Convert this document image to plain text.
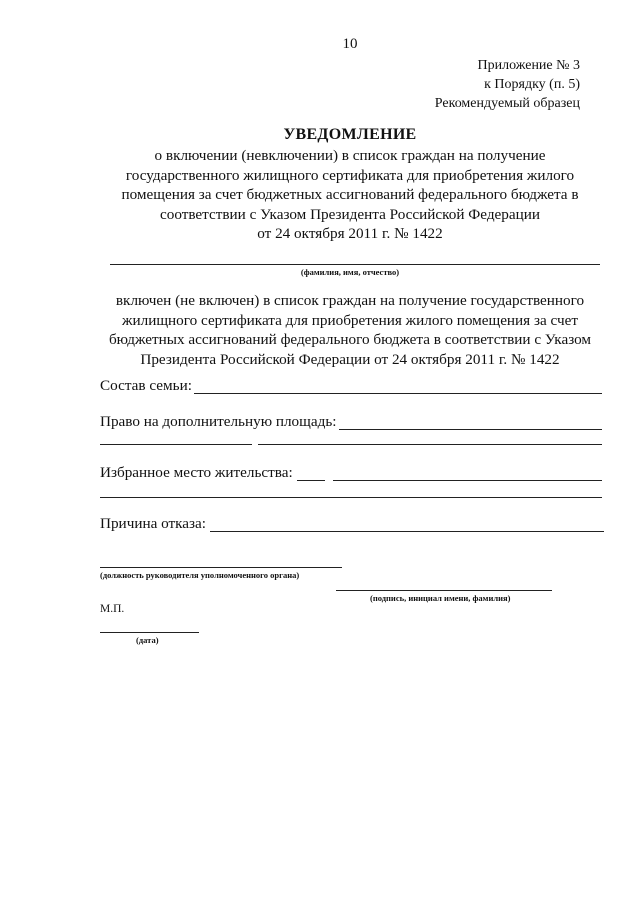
10
Приложение № 3
к Порядку (п. 5)
Рекомендуемый образец
УВЕДОМЛЕНИЕ
о включении (невключении) в список граждан на получение
государственного жилищного сертификата для приобретения жилого
помещения за счет бюджетных ассигнований федерального бюджета в
соответствии с Указом Президента Российской Федерации
от 24 октября 2011 г. № 1422
(фамилия, имя, отчество)
включен (не включен) в список граждан на получение государственного
жилищного сертификата для приобретения жилого помещения за счет
бюджетных ассигнований федерального бюджета в соответствии с Указом
Президента Российской Федерации от 24 октября 2011 г. № 1422
Состав семьи:
Право на дополнительную площадь:
Избранное место жительства:
Причина отказа:
(должность руководителя уполномоченного органа)
(подпись, инициал имени, фамилия)
М.П.
(дата)
